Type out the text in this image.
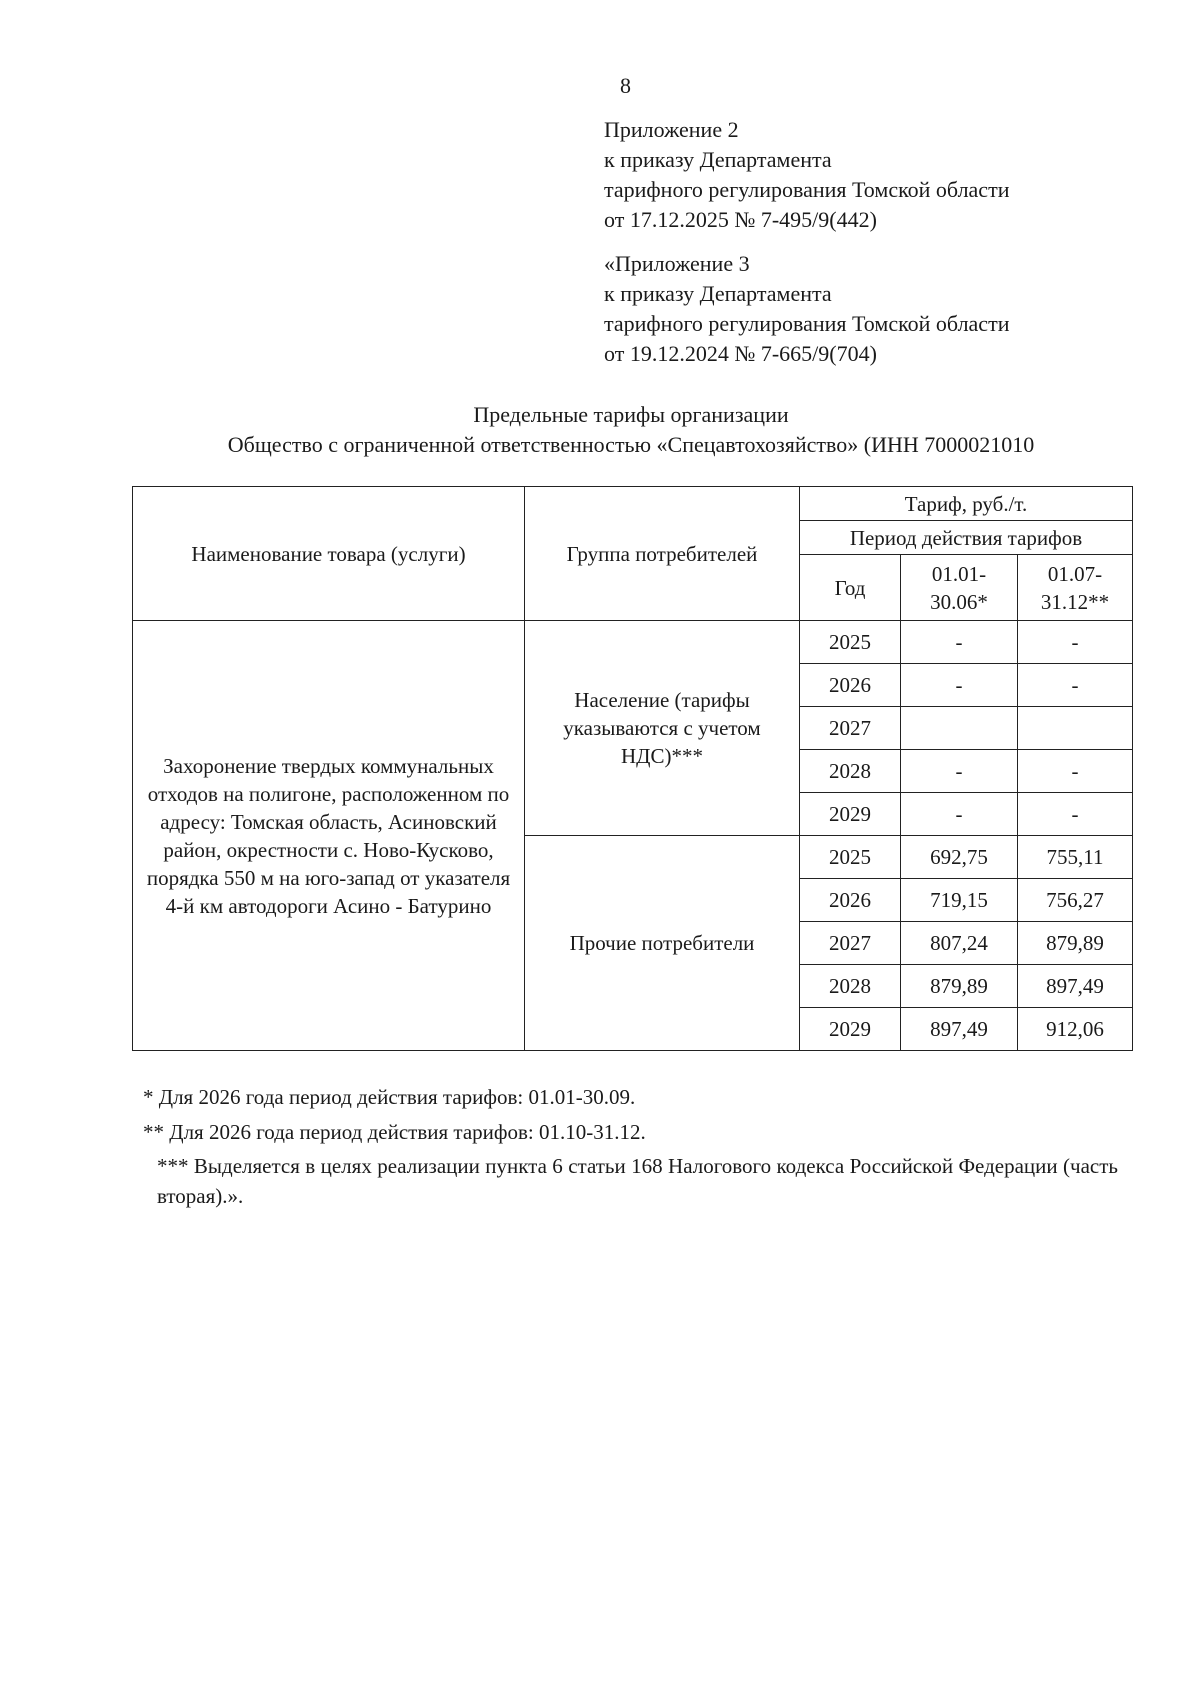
8
Приложение 2
к приказу Департамента
тарифного регулирования Томской области
от 17.12.2025 № 7-495/9(442)
«Приложение 3
к приказу Департамента
тарифного регулирования Томской области
от 19.12.2024 № 7-665/9(704)
Предельные тарифы организации
Общество с ограниченной ответственностью «Спецавтохозяйство» (ИНН 7000021010
Наименование товара (услуги)	Группа потребителей	Тариф, руб./т.		
		Период действия тарифов		
		Год	01.01-30.06*	01.07-31.12**
Захоронение твердых коммунальных отходов на полигоне, расположенном по адресу: Томская область, Асиновский район, окрестности с. Ново-Кусково, порядка 550 м на юго-запад от указателя 4-й км автодороги Асино - Батурино	Население (тарифы указываются с учетом НДС)***	2025	-	-
		2026	-	-
		2027		
		2028	-	-
		2029	-	-
	Прочие потребители	2025	692,75	755,11
		2026	719,15	756,27
		2027	807,24	879,89
		2028	879,89	897,49
		2029	897,49	912,06
* Для 2026 года период действия тарифов: 01.01-30.09.
** Для 2026 года период действия тарифов: 01.10-31.12.
*** Выделяется в целях реализации пункта 6 статьи 168 Налогового кодекса Российской Федерации (часть вторая).».
